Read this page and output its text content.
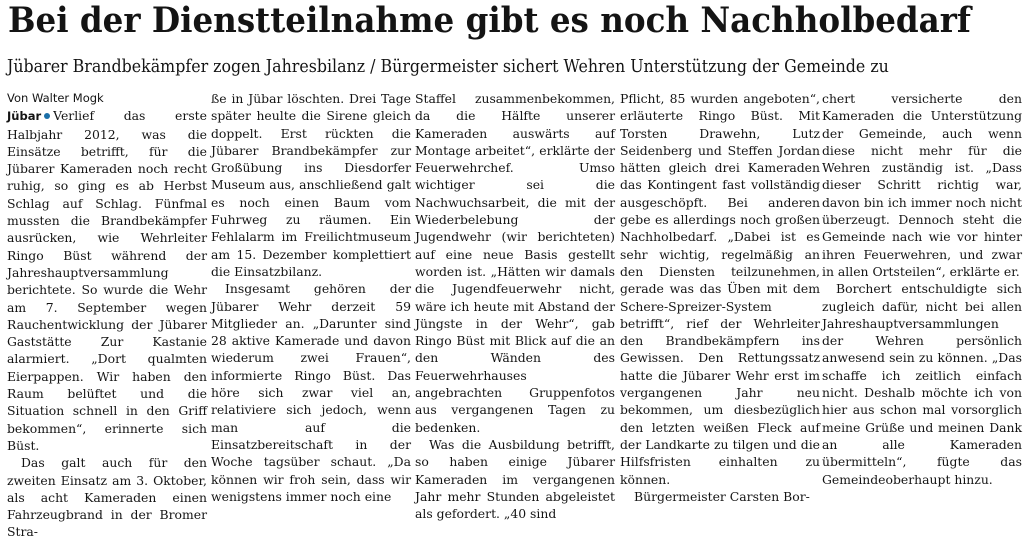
Bei der Dienstteilnahme gibt es noch Nachholbedarf
Jübarer Brandbekämpfer zogen Jahresbilanz / Bürgermeister sichert Wehren Unterstützung der Gemeinde zu
Von Walter Mogk

Jübar Verlief das erste Halbjahr 2012, was die Einsätze betrifft, für die Jübarer Kameraden noch recht ruhig, so ging es ab Herbst Schlag auf Schlag. Fünfmal mussten die Brandbekämpfer ausrücken, wie Wehrleiter Ringo Büst während der Jahreshauptversammlung berichtete. So wurde die Wehr am 7. September wegen Rauchentwicklung der Jübarer Gaststätte Zur Kastanie alarmiert. „Dort qualmten Eierpappen. Wir haben den Raum belüftet und die Situation schnell in den Griff bekommen“, erinnerte sich Büst.

Das galt auch für den zweiten Einsatz am 3. Oktober, als acht Kameraden einen Fahrzeugbrand in der Bromer Stra-

ße in Jübar löschten. Drei Tage später heulte die Sirene gleich doppelt. Erst rückten die Jübarer Brandbekämpfer zur Großübung ins Diesdorfer Museum aus, anschließend galt es noch einen Baum vom Fuhrweg zu räumen. Ein Fehlalarm im Freilichtmuseum am 15. Dezember komplettiert die Einsatzbilanz.

Insgesamt gehören der Jübarer Wehr derzeit 59 Mitglieder an. „Darunter sind 28 aktive Kamerade und davon wiederum zwei Frauen“, informierte Ringo Büst. Das höre sich zwar viel an, relativiere sich jedoch, wenn man auf die Einsatzbereitschaft in der Woche tagsüber schaut. „Da können wir froh sein, dass wir wenigstens immer noch eine

Staffel zusammenbekommen, da die Hälfte unserer Kameraden auswärts auf Montage arbeitet“, erklärte der Feuerwehrchef. Umso wichtiger sei die Nachwuchsarbeit, die mit der Wiederbelebung der Jugendwehr (wir berichteten) auf eine neue Basis gestellt worden ist. „Hätten wir damals die Jugendfeuerwehr nicht, wäre ich heute mit Abstand der Jüngste in der Wehr“, gab Ringo Büst mit Blick auf die an den Wänden des Feuerwehrhauses angebrachten Gruppenfotos aus vergangenen Tagen zu bedenken.

Was die Ausbildung betrifft, so haben einige Jübarer Kameraden im vergangenen Jahr mehr Stunden abgeleistet als gefordert. „40 sind

Pflicht, 85 wurden angeboten“, erläuterte Ringo Büst. Mit Torsten Drawehn, Lutz Seidenberg und Steffen Jordan hätten gleich drei Kameraden das Kontingent fast vollständig ausgeschöpft. Bei anderen gebe es allerdings noch großen Nachholbedarf. „Dabei ist es sehr wichtig, regelmäßig an den Diensten teilzunehmen, gerade was das Üben mit dem Schere-Spreizer-System betrifft“, rief der Wehrleiter den Brandbekämpfern ins Gewissen. Den Rettungssatz hatte die Jübarer Wehr erst im vergangenen Jahr neu bekommen, um diesbezüglich den letzten weißen Fleck auf der Landkarte zu tilgen und die Hilfsfristen einhalten zu können.

Bürgermeister Carsten Bor-

chert versicherte den Kameraden die Unterstützung der Gemeinde, auch wenn diese nicht mehr für die Wehren zuständig ist. „Dass dieser Schritt richtig war, davon bin ich immer noch nicht überzeugt. Dennoch steht die Gemeinde nach wie vor hinter ihren Feuerwehren, und zwar in allen Ortsteilen“, erklärte er.

Borchert entschuldigte sich zugleich dafür, nicht bei allen Jahreshauptversammlungen der Wehren persönlich anwesend sein zu können. „Das schaffe ich zeitlich einfach nicht. Deshalb möchte ich von hier aus schon mal vorsorglich meine Grüße und meinen Dank an alle Kameraden übermitteln“, fügte das Gemeindeoberhaupt hinzu.
